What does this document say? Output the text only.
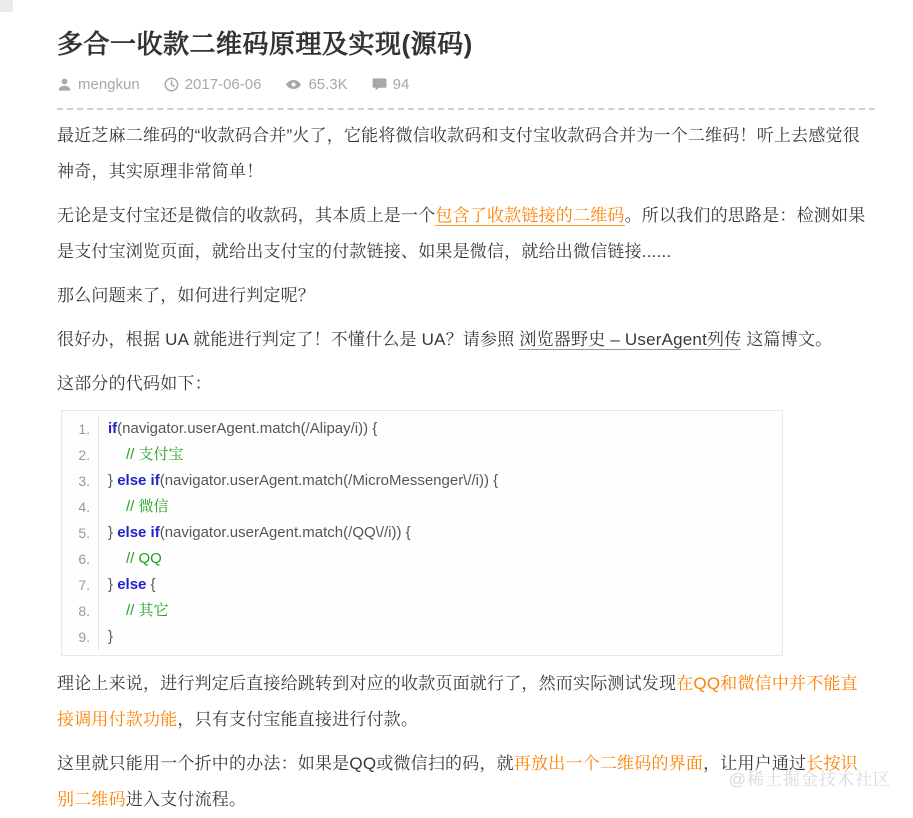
多合一收款二维码原理及实现(源码)
mengkun	2017-06-06	65.3K	94

最近芝麻二维码的“收款码合并”火了，它能将微信收款码和支付宝收款码合并为一个二维码！听上去感觉很神奇，其实原理非常简单！

无论是支付宝还是微信的收款码，其本质上是一个包含了收款链接的二维码。所以我们的思路是：检测如果是支付宝浏览页面，就给出支付宝的付款链接、如果是微信，就给出微信链接......

那么问题来了，如何进行判定呢？

很好办，根据 UA 就能进行判定了！不懂什么是 UA？请参照 浏览器野史 – UserAgent列传 这篇博文。

这部分的代码如下：

1.	if(navigator.userAgent.match(/Alipay/i)) {
2.	// 支付宝
3.	} else if(navigator.userAgent.match(/MicroMessenger\//i)) {
4.	// 微信
5.	} else if(navigator.userAgent.match(/QQ\//i)) {
6.	// QQ
7.	} else {
8.	// 其它
9.	}

理论上来说，进行判定后直接给跳转到对应的收款页面就行了，然而实际测试发现在QQ和微信中并不能直接调用付款功能，只有支付宝能直接进行付款。

这里就只能用一个折中的办法：如果是QQ或微信扫的码，就再放出一个二维码的界面，让用户通过长按识别二维码进入支付流程。

@稀土掘金技术社区
